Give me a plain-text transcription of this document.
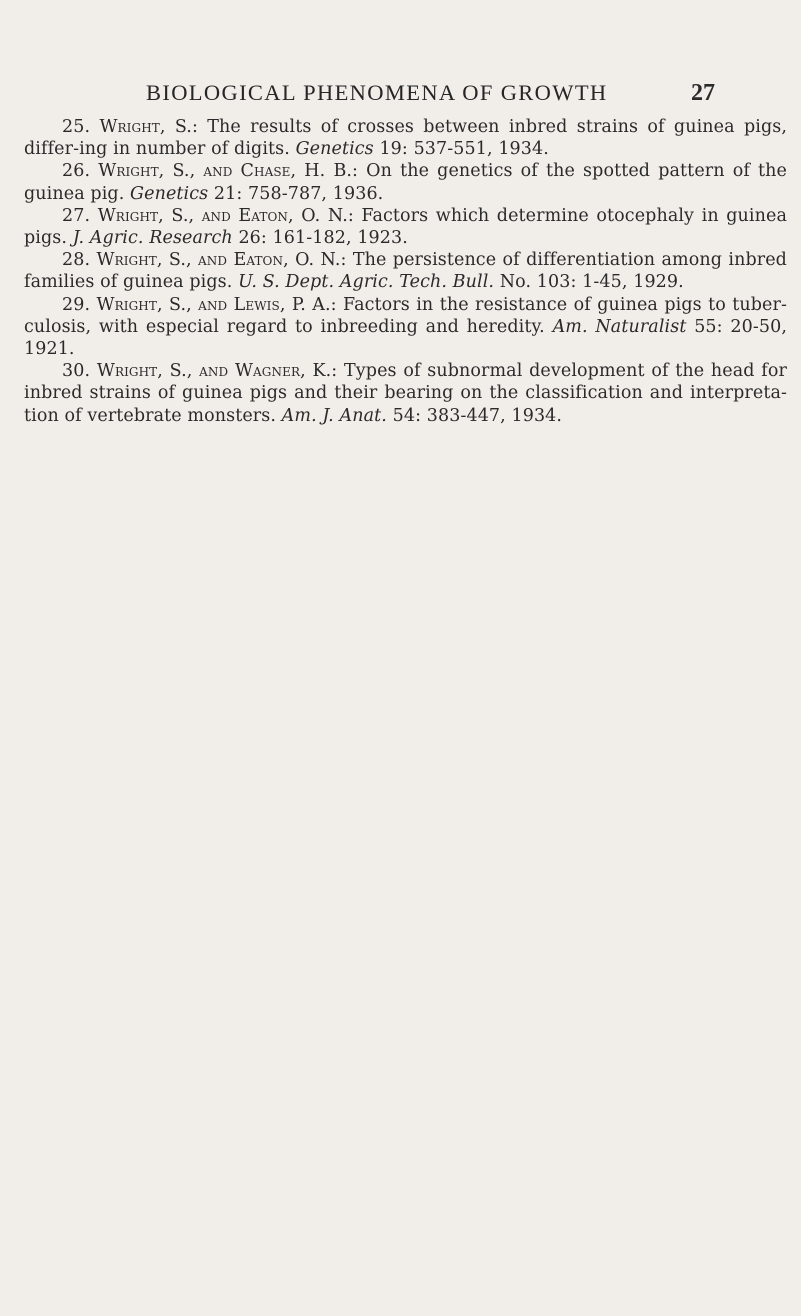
BIOLOGICAL PHENOMENA OF GROWTH	27

25. Wright, S.: The results of crosses between inbred strains of guinea pigs, differ-ing in number of digits. Genetics 19: 537-551, 1934.

26. Wright, S., and Chase, H. B.: On the genetics of the spotted pattern of the guinea pig. Genetics 21: 758-787, 1936.

27. Wright, S., and Eaton, O. N.: Factors which determine otocephaly in guinea pigs. J. Agric. Research 26: 161-182, 1923.

28. Wright, S., and Eaton, O. N.: The persistence of differentiation among inbred families of guinea pigs. U. S. Dept. Agric. Tech. Bull. No. 103: 1-45, 1929.

29. Wright, S., and Lewis, P. A.: Factors in the resistance of guinea pigs to tuber-culosis, with especial regard to inbreeding and heredity. Am. Naturalist 55: 20-50, 1921.

30. Wright, S., and Wagner, K.: Types of subnormal development of the head for inbred strains of guinea pigs and their bearing on the classification and interpreta-tion of vertebrate monsters. Am. J. Anat. 54: 383-447, 1934.
